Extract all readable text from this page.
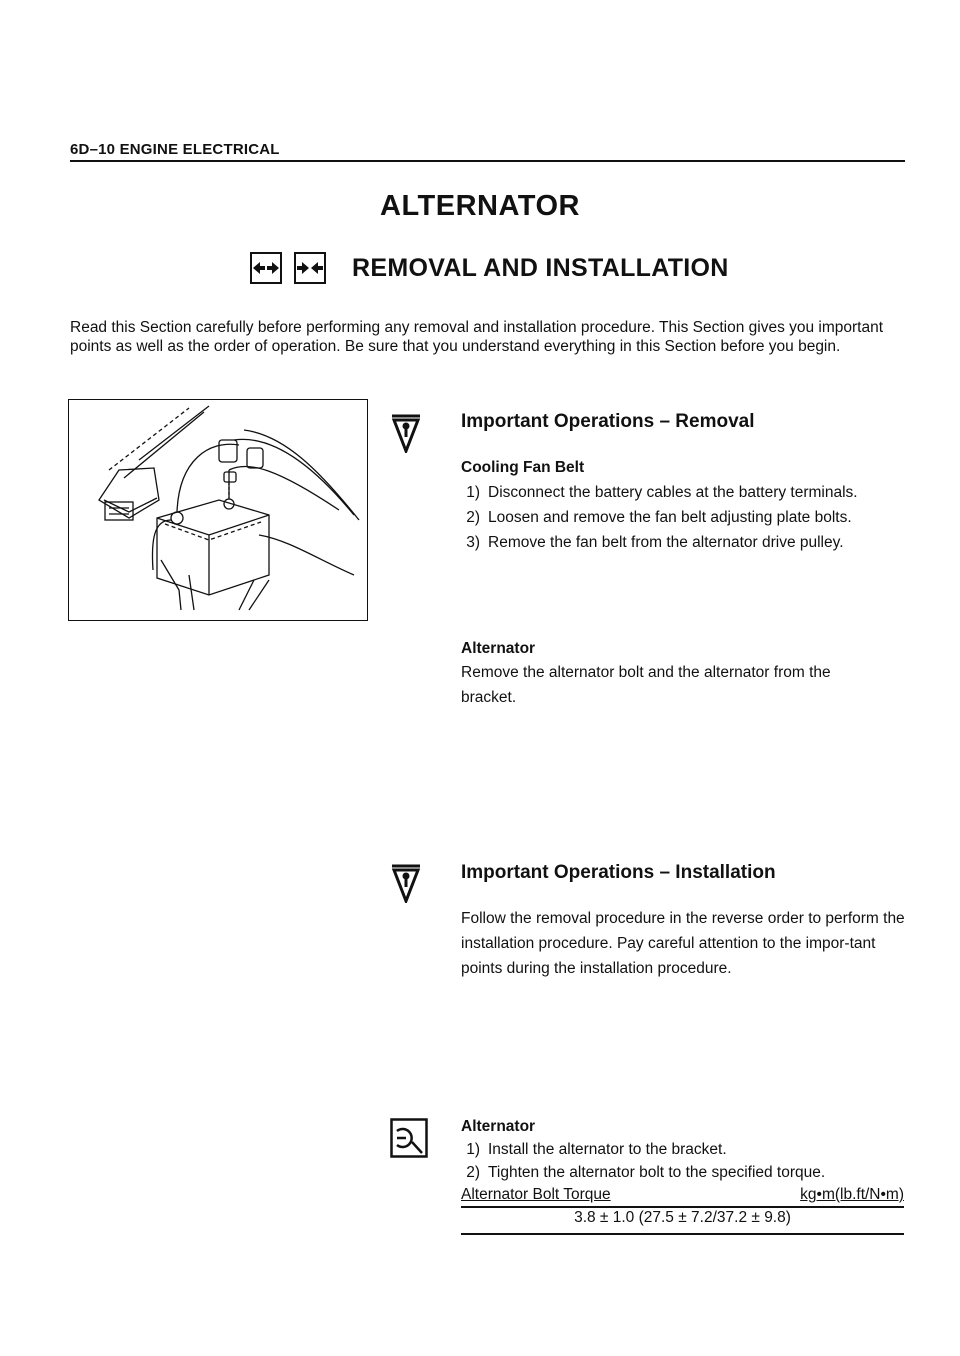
6D–10 ENGINE ELECTRICAL
ALTERNATOR
REMOVAL AND INSTALLATION
Read this Section carefully before performing any removal and installation procedure. This Section gives you important points as well as the order of operation. Be sure that you understand everything in this Section before you begin.
Important Operations – Removal
Cooling Fan Belt
1) Disconnect the battery cables at the battery terminals.
2) Loosen and remove the fan belt adjusting plate bolts.
3) Remove the fan belt from the alternator drive pulley.
Alternator
Remove the alternator bolt and the alternator from the bracket.
Important Operations – Installation
Follow the removal procedure in the reverse order to perform the installation procedure. Pay careful attention to the impor-tant points during the installation procedure.
Alternator
1) Install the alternator to the bracket.
Alternator Bolt Torque	kg•m(lb.ft/N•m)
3.8 ± 1.0 (27.5 ± 7.2/37.2 ± 9.8)
2) Tighten the alternator bolt to the specified torque.
